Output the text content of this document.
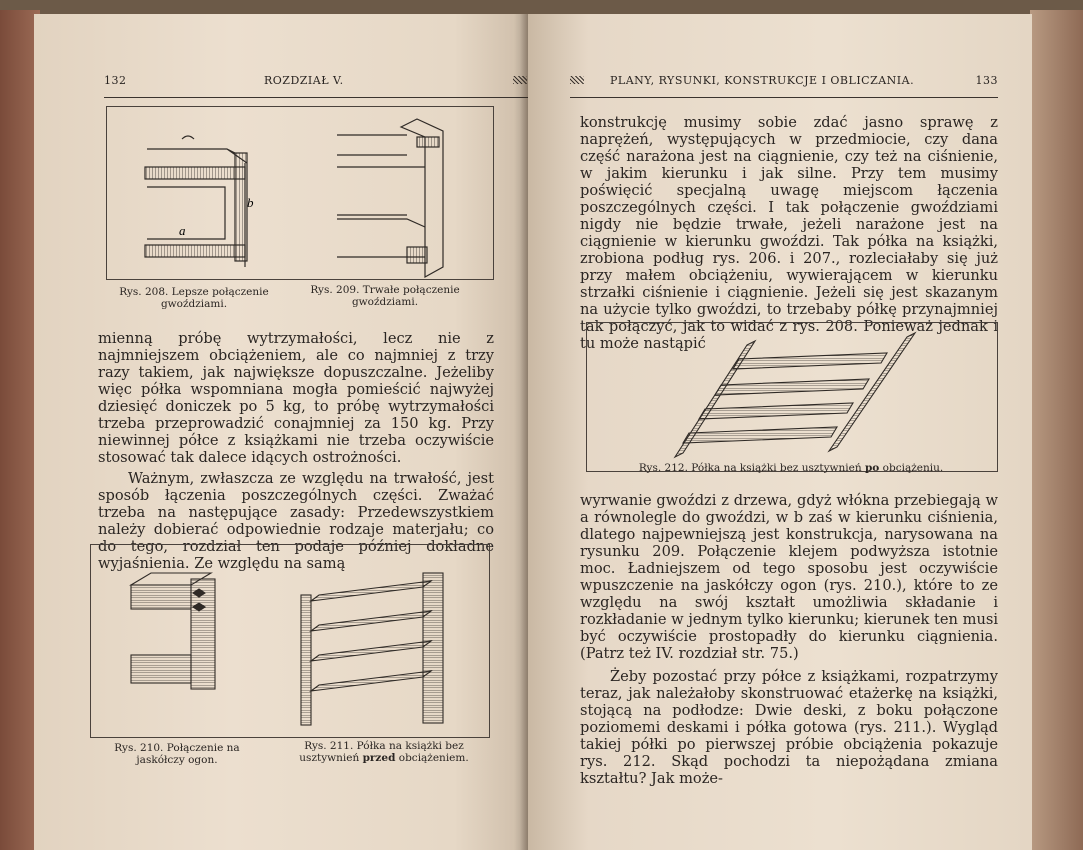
132	ROZDZIAŁ V.
b
a
Rys. 208. Lepsze połączenie gwoździami.
Rys. 209. Trwałe połączenie gwoździami.

mienną próbę wytrzymałości, lecz nie z najmniejszem obciążeniem, ale co najmniej z trzy razy takiem, jak największe dopuszczalne. Jeżeliby więc półka wspomniana mogła pomieścić najwyżej dziesięć doniczek po 5 kg, to próbę wytrzymałości trzeba przeprowadzić conajmniej za 150 kg. Przy niewinnej półce z książkami nie trzeba oczywiście stosować tak dalece idących ostrożności.

Ważnym, zwłaszcza ze względu na trwałość, jest sposób łączenia poszczególnych części. Zważać trzeba na następujące zasady: Przedewszystkiem należy dobierać odpowiednie rodzaje materjału; co do tego, rozdział ten podaje później dokładne wyjaśnienia. Ze względu na samą

Rys. 210. Połączenie na jaskółczy ogon.
Rys. 211. Półka na książki bez usztywnień przed obciążeniem.
PLANY, RYSUNKI, KONSTRUKCJE I OBLICZANIA.	133

konstrukcję musimy sobie zdać jasno sprawę z naprężeń, występujących w przedmiocie, czy dana część narażona jest na ciągnienie, czy też na ciśnienie, w jakim kierunku i jak silne. Przy tem musimy poświęcić specjalną uwagę miejscom łączenia poszczególnych części. I tak połączenie gwoździami nigdy nie będzie trwałe, jeżeli narażone jest na ciągnienie w kierunku gwoździ. Tak półka na książki, zrobiona podług rys. 206. i 207., rozleciałaby się już przy małem obciążeniu, wywierającem w kierunku strzałki ciśnienie i ciągnienie. Jeżeli się jest skazanym na użycie tylko gwoździ, to trzebaby półkę przynajmniej tak połączyć, jak to widać z rys. 208. Ponieważ jednak i tu może nastąpić

Rys. 212. Półka na książki bez usztywnień po obciążeniu.

wyrwanie gwoździ z drzewa, gdyż włókna przebiegają w a równolegle do gwoździ, w b zaś w kierunku ciśnienia, dlatego najpewniejszą jest konstrukcja, narysowana na rysunku 209. Połączenie klejem podwyższa istotnie moc. Ładniejszem od tego sposobu jest oczywiście wpuszczenie na jaskółczy ogon (rys. 210.), które to ze względu na swój kształt umożliwia składanie i rozkładanie w jednym tylko kierunku; kierunek ten musi być oczywiście prostopadły do kierunku ciągnienia. (Patrz też IV. rozdział str. 75.)

Żeby pozostać przy półce z książkami, rozpatrzymy teraz, jak należałoby skonstruować etażerkę na książki, stojącą na podłodze: Dwie deski, z boku połączone poziomemi deskami i półka gotowa (rys. 211.). Wygląd takiej półki po pierwszej próbie obciążenia pokazuje rys. 212. Skąd pochodzi ta niepożądana zmiana kształtu? Jak może-
